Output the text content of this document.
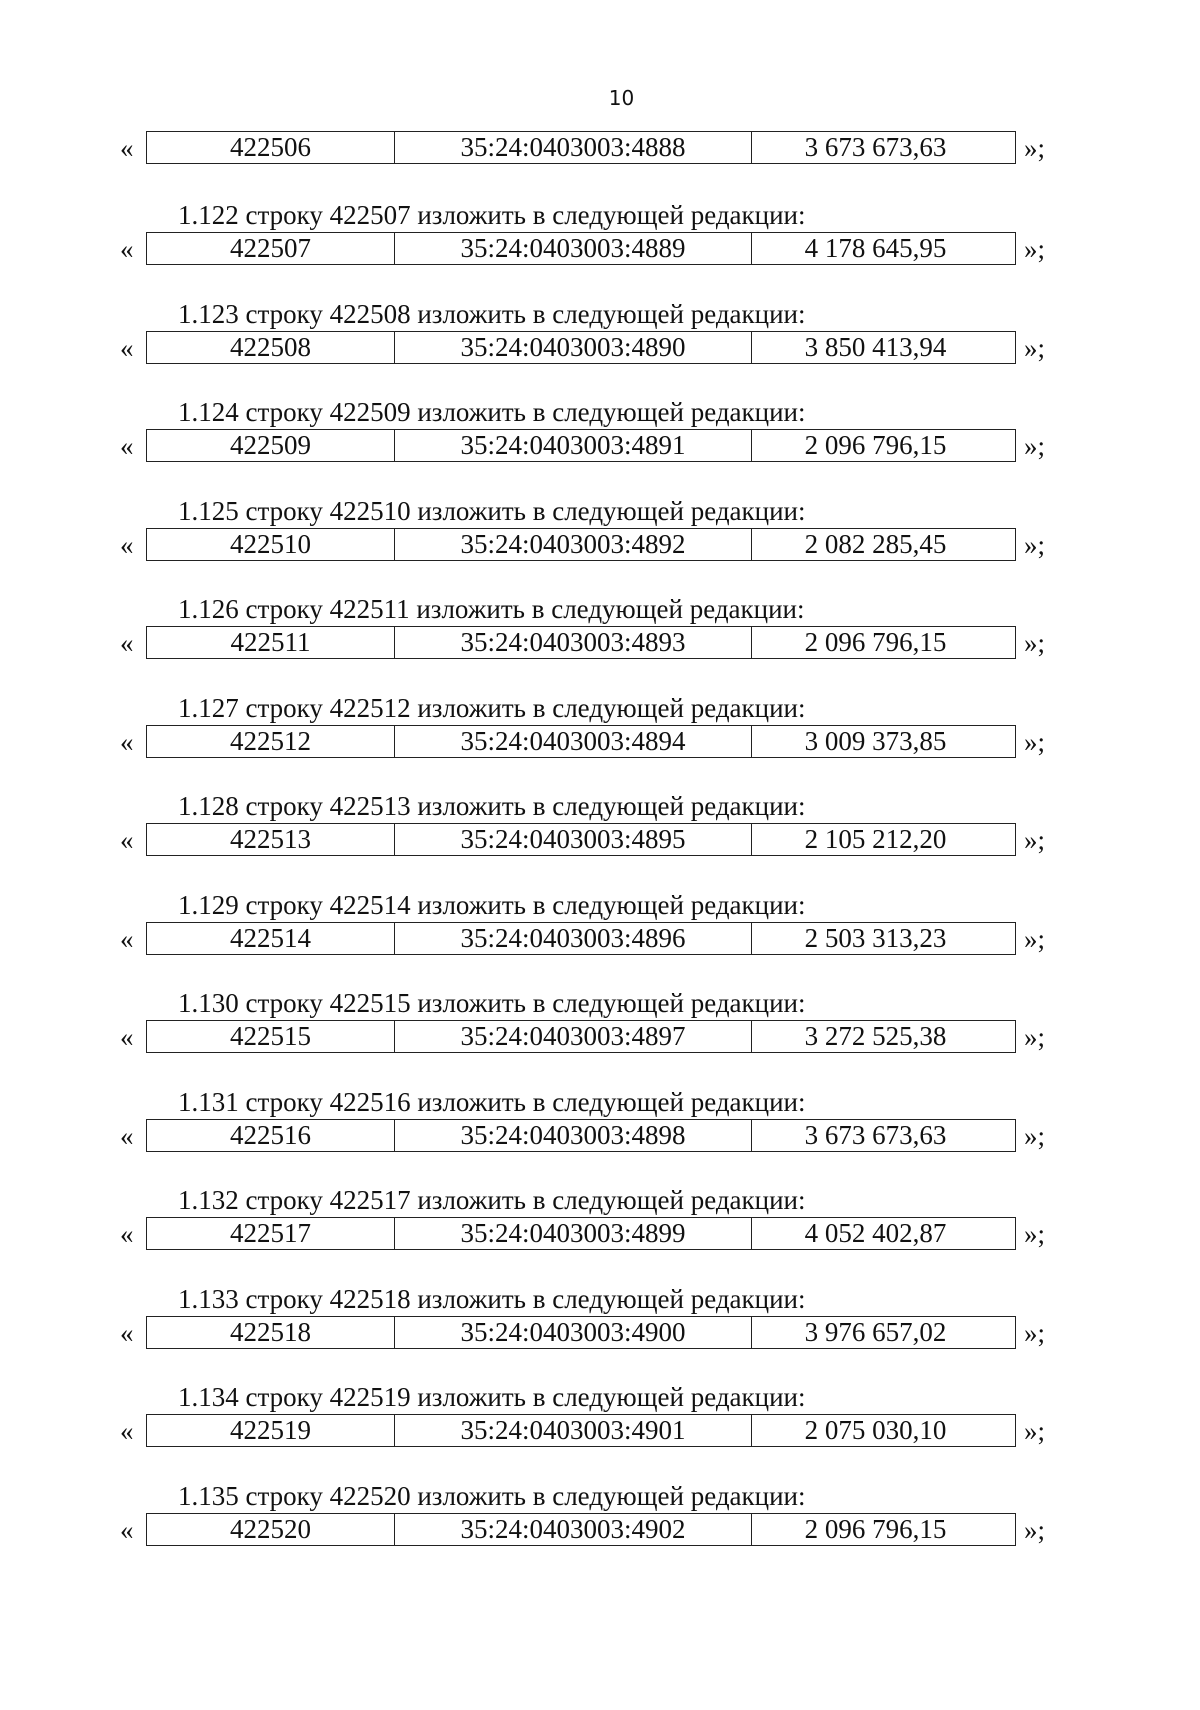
10
«	422506	35:24:0403003:4888	3 673 673,63	»;
1.122 строку 422507 изложить в следующей редакции:
«	422507	35:24:0403003:4889	4 178 645,95	»;
1.123 строку 422508 изложить в следующей редакции:
«	422508	35:24:0403003:4890	3 850 413,94	»;
1.124 строку 422509 изложить в следующей редакции:
«	422509	35:24:0403003:4891	2 096 796,15	»;
1.125 строку 422510 изложить в следующей редакции:
«	422510	35:24:0403003:4892	2 082 285,45	»;
1.126 строку 422511 изложить в следующей редакции:
«	422511	35:24:0403003:4893	2 096 796,15	»;
1.127 строку 422512 изложить в следующей редакции:
«	422512	35:24:0403003:4894	3 009 373,85	»;
1.128 строку 422513 изложить в следующей редакции:
«	422513	35:24:0403003:4895	2 105 212,20	»;
1.129 строку 422514 изложить в следующей редакции:
«	422514	35:24:0403003:4896	2 503 313,23	»;
1.130 строку 422515 изложить в следующей редакции:
«	422515	35:24:0403003:4897	3 272 525,38	»;
1.131 строку 422516 изложить в следующей редакции:
«	422516	35:24:0403003:4898	3 673 673,63	»;
1.132 строку 422517 изложить в следующей редакции:
«	422517	35:24:0403003:4899	4 052 402,87	»;
1.133 строку 422518 изложить в следующей редакции:
«	422518	35:24:0403003:4900	3 976 657,02	»;
1.134 строку 422519 изложить в следующей редакции:
«	422519	35:24:0403003:4901	2 075 030,10	»;
1.135 строку 422520 изложить в следующей редакции:
«	422520	35:24:0403003:4902	2 096 796,15	»;
